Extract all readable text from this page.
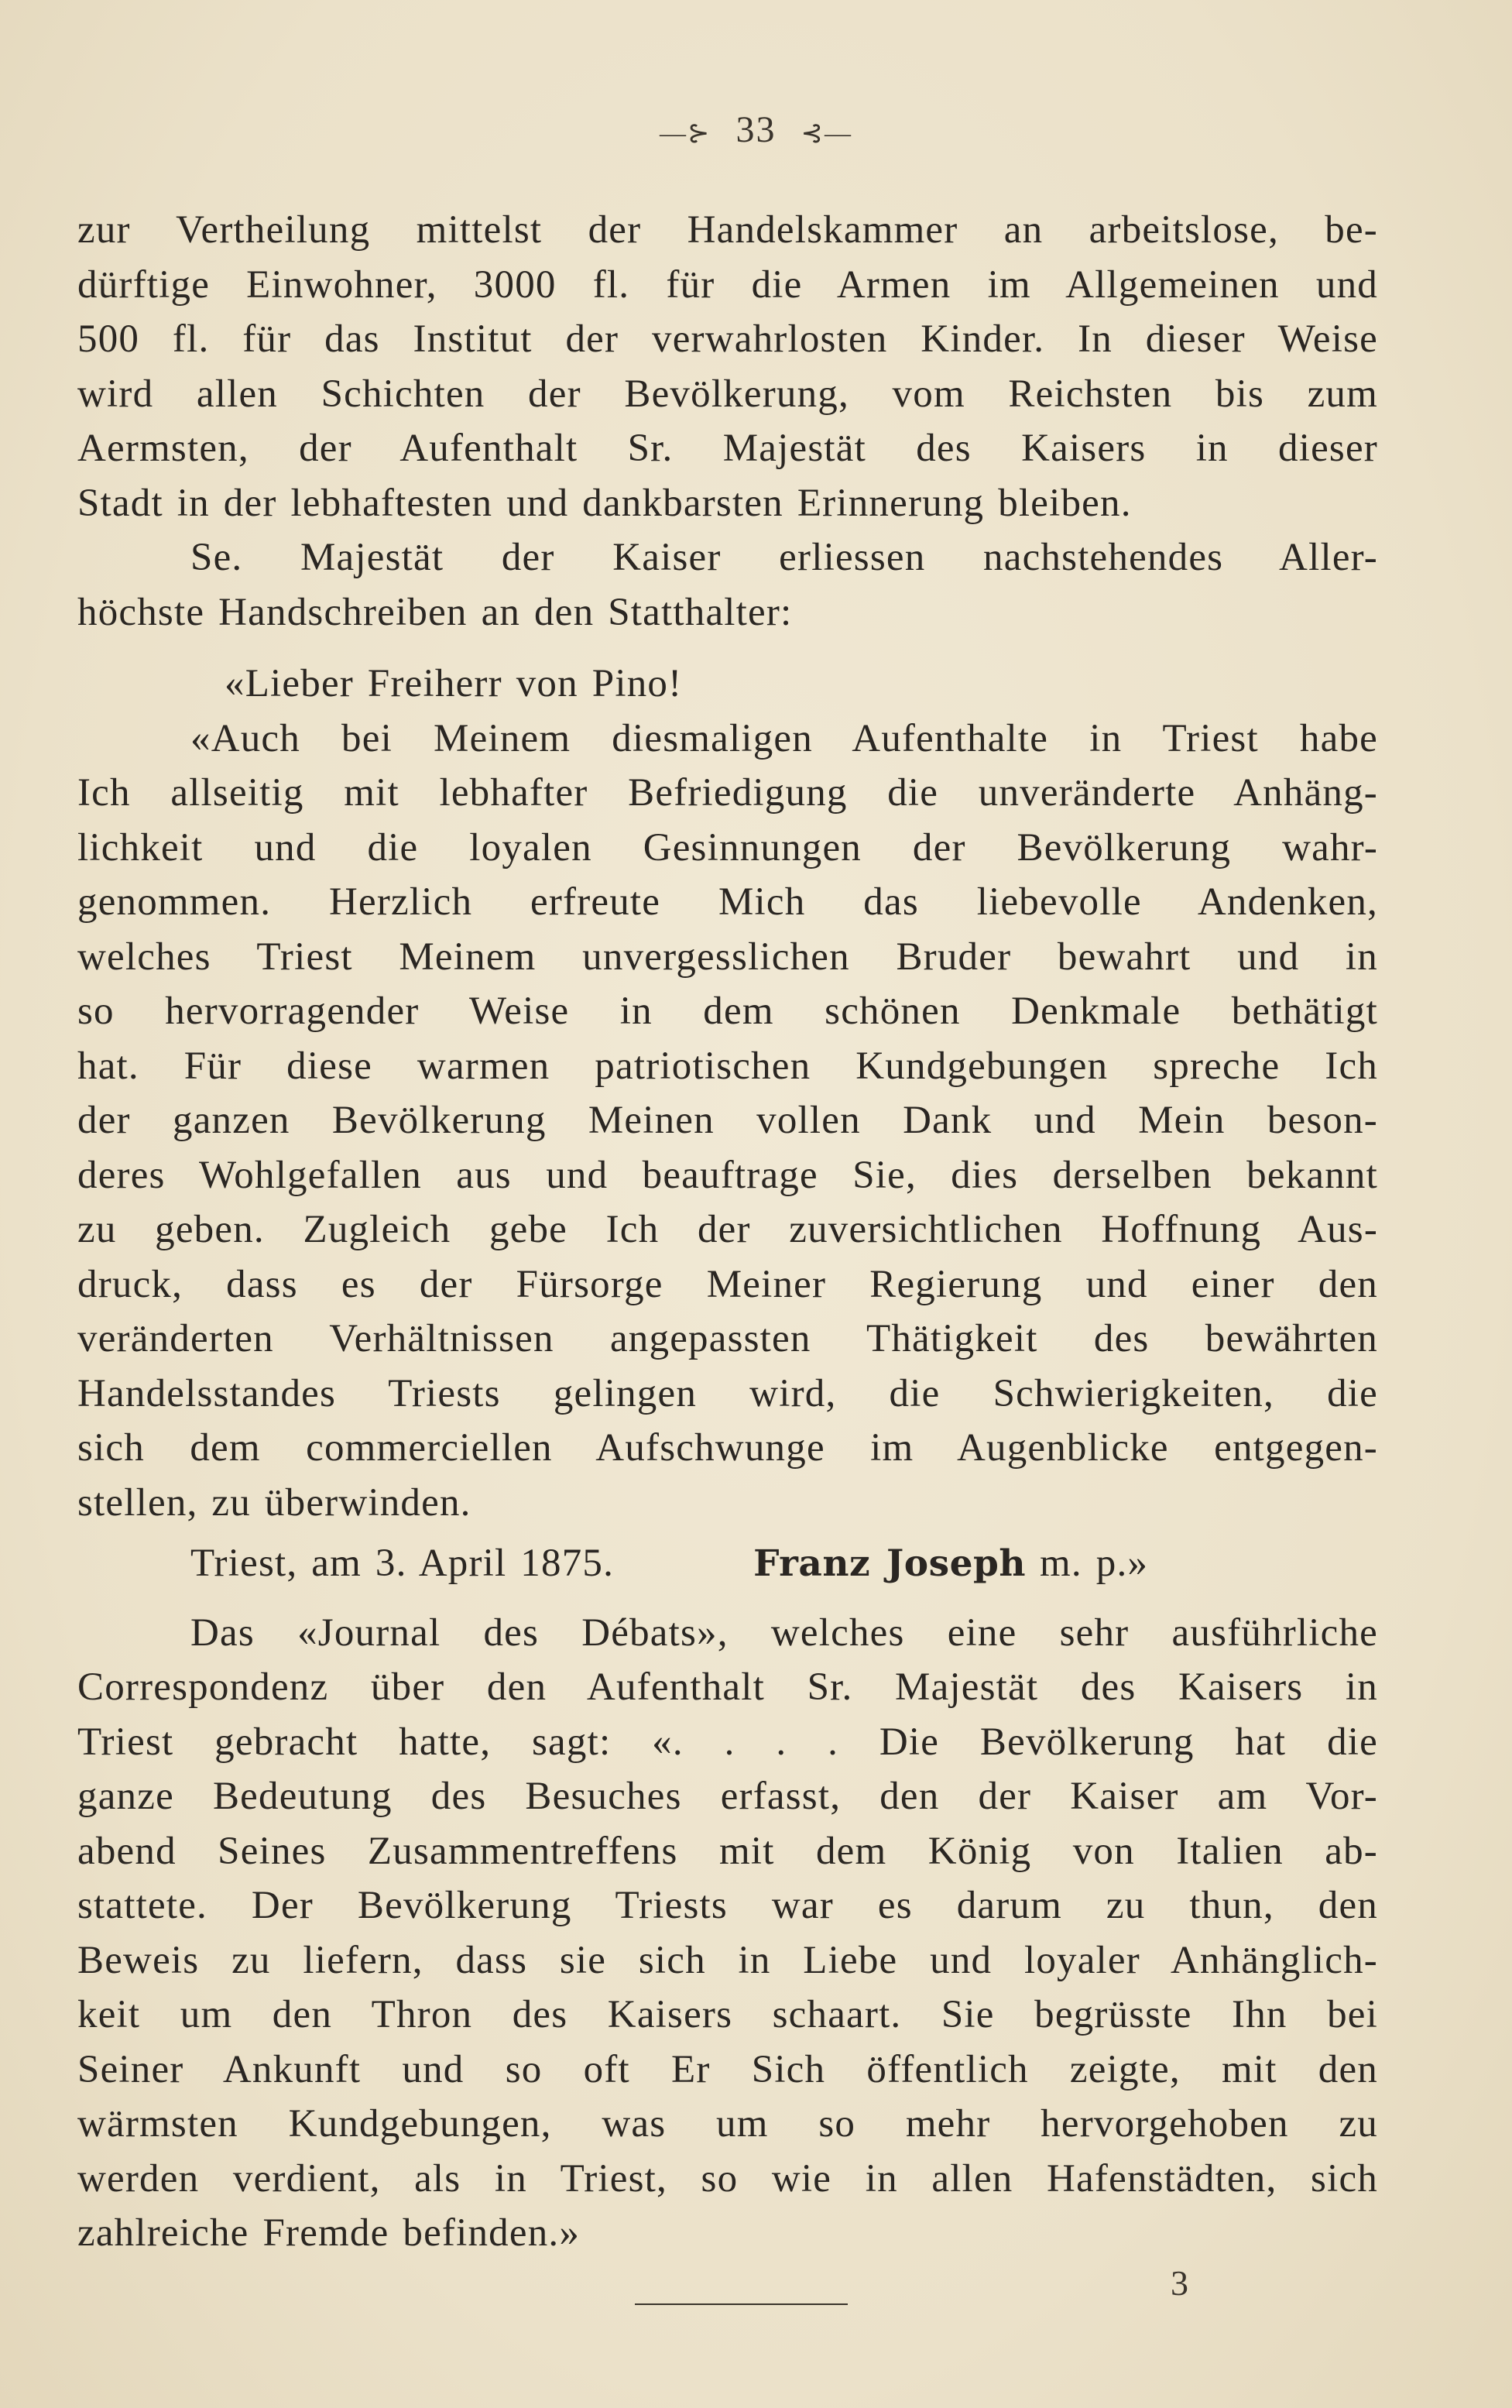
—⊱ 33 ⊰—
zur Vertheilung mittelst der Handelskammer an arbeitslose, be-
dürftige Einwohner, 3000 fl. für die Armen im Allgemeinen und
500 fl. für das Institut der verwahrlosten Kinder. In dieser Weise
wird allen Schichten der Bevölkerung, vom Reichsten bis zum
Aermsten, der Aufenthalt Sr. Majestät des Kaisers in dieser
Stadt in der lebhaftesten und dankbarsten Erinnerung bleiben.
Se. Majestät der Kaiser erliessen nachstehendes Aller-
höchste Handschreiben an den Statthalter:
«Lieber Freiherr von Pino!
«Auch bei Meinem diesmaligen Aufenthalte in Triest habe
Ich allseitig mit lebhafter Befriedigung die unveränderte Anhäng-
lichkeit und die loyalen Gesinnungen der Bevölkerung wahr-
genommen. Herzlich erfreute Mich das liebevolle Andenken,
welches Triest Meinem unvergesslichen Bruder bewahrt und in
so hervorragender Weise in dem schönen Denkmale bethätigt
hat. Für diese warmen patriotischen Kundgebungen spreche Ich
der ganzen Bevölkerung Meinen vollen Dank und Mein beson-
deres Wohlgefallen aus und beauftrage Sie, dies derselben bekannt
zu geben. Zugleich gebe Ich der zuversichtlichen Hoffnung Aus-
druck, dass es der Fürsorge Meiner Regierung und einer den
veränderten Verhältnissen angepassten Thätigkeit des bewährten
Handelsstandes Triests gelingen wird, die Schwierigkeiten, die
sich dem commerciellen Aufschwunge im Augenblicke entgegen-
stellen, zu überwinden.
Triest, am 3. April 1875.	Franz Joseph m. p.»
Das «Journal des Débats», welches eine sehr ausführliche
Correspondenz über den Aufenthalt Sr. Majestät des Kaisers in
Triest gebracht hatte, sagt: «. . . . Die Bevölkerung hat die
ganze Bedeutung des Besuches erfasst, den der Kaiser am Vor-
abend Seines Zusammentreffens mit dem König von Italien ab-
stattete. Der Bevölkerung Triests war es darum zu thun, den
Beweis zu liefern, dass sie sich in Liebe und loyaler Anhänglich-
keit um den Thron des Kaisers schaart. Sie begrüsste Ihn bei
Seiner Ankunft und so oft Er Sich öffentlich zeigte, mit den
wärmsten Kundgebungen, was um so mehr hervorgehoben zu
werden verdient, als in Triest, so wie in allen Hafenstädten, sich
zahlreiche Fremde befinden.»
3
